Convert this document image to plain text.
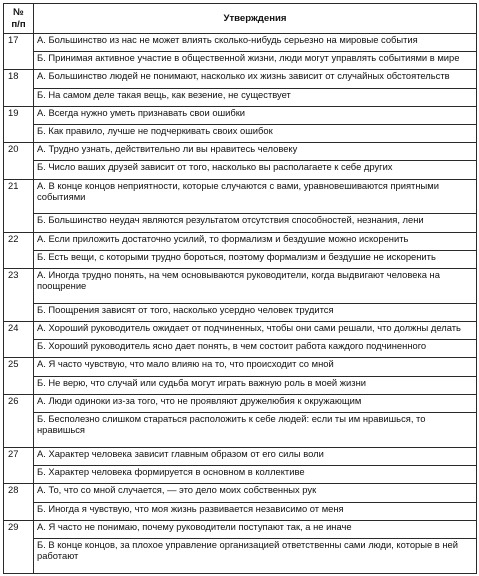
№
п/п	Утверждения
17	А. Большинство из нас не может влиять сколько-нибудь серьезно на мировые события
	Б. Принимая активное участие в общественной жизни, люди могут управлять событиями в мире
18	А. Большинство людей не понимают, насколько их жизнь зависит от случайных обстоятельств
	Б. На самом деле такая вещь, как везение, не существует
19	А. Всегда нужно уметь признавать свои ошибки
	Б. Как правило, лучше не подчеркивать своих ошибок
20	А. Трудно узнать, действительно ли вы нравитесь человеку
	Б. Число ваших друзей зависит от того, насколько вы располагаете к себе других
21	А. В конце концов неприятности, которые случаются с вами, уравновешиваются приятными событиями
	Б. Большинство неудач являются результатом отсутствия способностей, незнания, лени
22	А. Если приложить достаточно усилий, то формализм и бездушие можно искоренить
	Б. Есть вещи, с которыми трудно бороться, поэтому формализм и бездушие не искоренить
23	А. Иногда трудно понять, на чем основываются руководители, когда выдвигают человека на поощрение
	Б. Поощрения зависят от того, насколько усердно человек трудится
24	А. Хороший руководитель ожидает от подчиненных, чтобы они сами решали, что должны делать
	Б. Хороший руководитель ясно дает понять, в чем состоит работа каждого подчиненного
25	А. Я часто чувствую, что мало влияю на то, что происходит со мной
	Б. Не верю, что случай или судьба могут играть важную роль в моей жизни
26	А. Люди одиноки из-за того, что не проявляют дружелюбия к окружающим
	Б. Бесполезно слишком стараться расположить к себе людей: если ты им нравишься, то нравишься
27	А. Характер человека зависит главным образом от его силы воли
	Б. Характер человека формируется в основном в коллективе
28	А. То, что со мной случается, — это дело моих собственных рук
	Б. Иногда я чувствую, что моя жизнь развивается независимо от меня
29	А. Я часто не понимаю, почему руководители поступают так, а не иначе
	Б. В конце концов, за плохое управление организацией ответственны сами люди, которые в ней работают
